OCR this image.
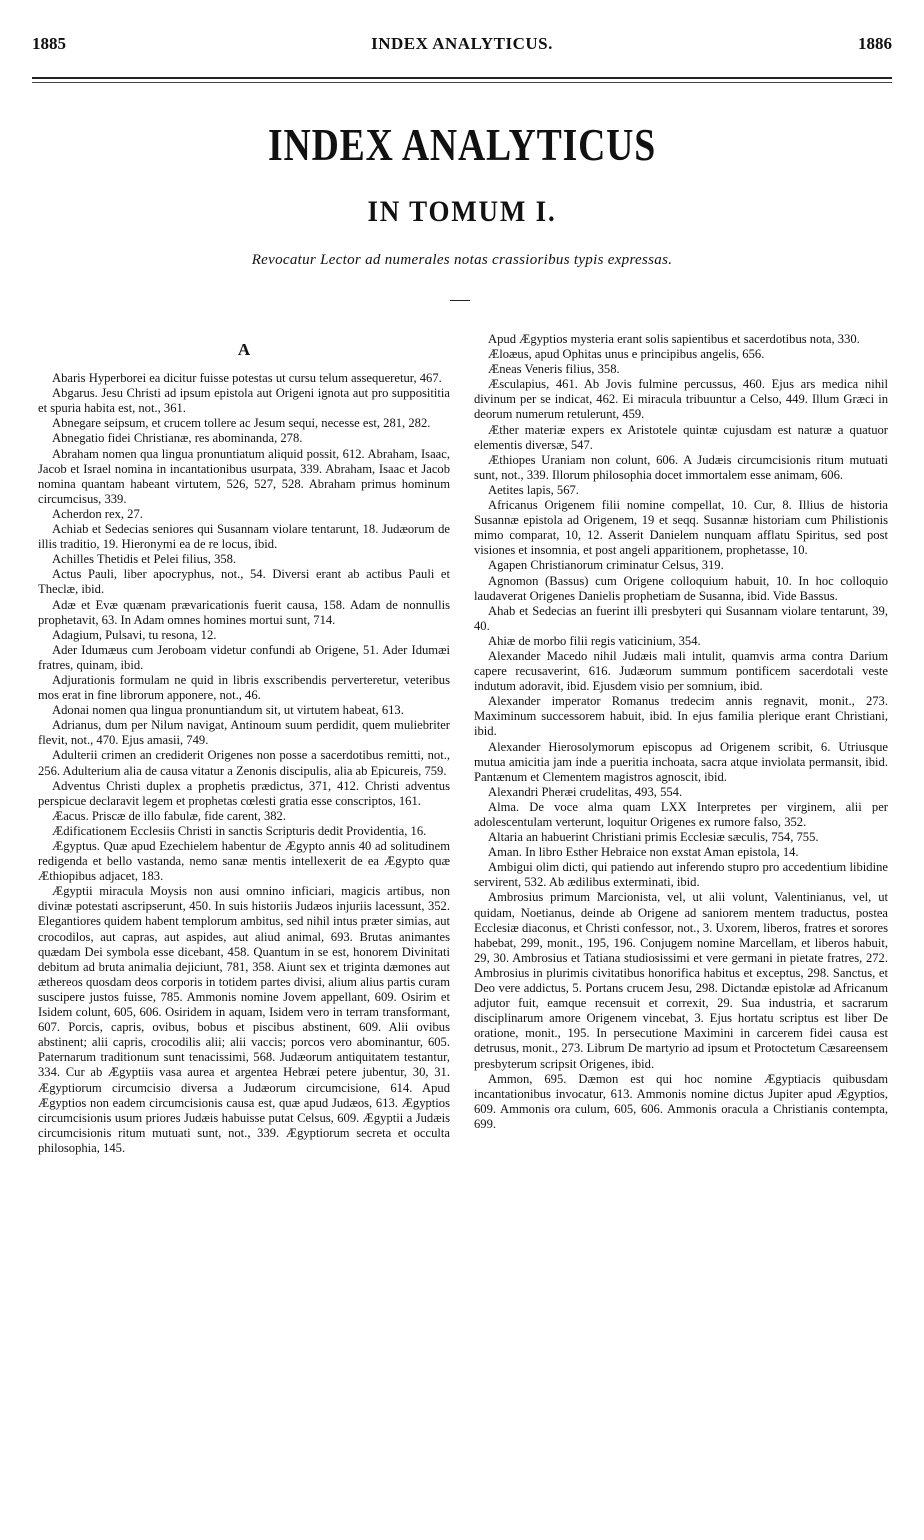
1885	INDEX ANALYTICUS.	1886
INDEX ANALYTICUS
IN TOMUM I.
Revocatur Lector ad numerales notas crassioribus typis expressas.
A

Abaris Hyperborei ea dicitur fuisse potestas ut cursu telum assequeretur, 467.

Abgarus. Jesu Christi ad ipsum epistola aut Origeni ignota aut pro supposititia et spuria habita est, not., 361.

Abnegare seipsum, et crucem tollere ac Jesum sequi, necesse est, 281, 282.

Abnegatio fidei Christianæ, res abominanda, 278.

Abraham nomen qua lingua pronuntiatum aliquid possit, 612. Abraham, Isaac, Jacob et Israel nomina in incantationibus usurpata, 339. Abraham, Isaac et Jacob nomina quantam habeant virtutem, 526, 527, 528. Abraham primus hominum circumcisus, 339.

Acherdon rex, 27.

Achiab et Sedecias seniores qui Susannam violare tentarunt, 18. Judæorum de illis traditio, 19. Hieronymi ea de re locus, ibid.

Achilles Thetidis et Pelei filius, 358.

Actus Pauli, liber apocryphus, not., 54. Diversi erant ab actibus Pauli et Theclæ, ibid.

Adæ et Evæ quænam prævaricationis fuerit causa, 158. Adam de nonnullis prophetavit, 63. In Adam omnes homines mortui sunt, 714.

Adagium, Pulsavi, tu resona, 12.

Ader Idumæus cum Jeroboam videtur confundi ab Origene, 51. Ader Idumæi fratres, quinam, ibid.

Adjurationis formulam ne quid in libris exscribendis perverteretur, veteribus mos erat in fine librorum apponere, not., 46.

Adonai nomen qua lingua pronuntiandum sit, ut virtutem habeat, 613.

Adrianus, dum per Nilum navigat, Antinoum suum perdidit, quem muliebriter flevit, not., 470. Ejus amasii, 749.

Adulterii crimen an crediderit Origenes non posse a sacerdotibus remitti, not., 256. Adulterium alia de causa vitatur a Zenonis discipulis, alia ab Epicureis, 759.

Adventus Christi duplex a prophetis prædictus, 371, 412. Christi adventus perspicue declaravit legem et prophetas cœlesti gratia esse conscriptos, 161.

Æacus. Priscæ de illo fabulæ, fide carent, 382.

Ædificationem Ecclesiis Christi in sanctis Scripturis dedit Providentia, 16.

Ægyptus. Quæ apud Ezechielem habentur de Ægypto annis 40 ad solitudinem redigenda et bello vastanda, nemo sanæ mentis intellexerit de ea Ægypto quæ Æthiopibus adjacet, 183.

Ægyptii miracula Moysis non ausi omnino inficiari, magicis artibus, non divinæ potestati ascripserunt, 450. In suis historiis Judæos injuriis lacessunt, 352. Elegantiores quidem habent templorum ambitus, sed nihil intus præter simias, aut crocodilos, aut capras, aut aspides, aut aliud animal, 693. Brutas animantes quædam Dei symbola esse dicebant, 458. Quantum in se est, honorem Divinitati debitum ad bruta animalia dejiciunt, 781, 358. Aiunt sex et triginta dæmones aut æthereos quosdam deos corporis in totidem partes divisi, alium alius partis curam suscipere justos fuisse, 785. Ammonis nomine Jovem appellant, 609. Osirim et Isidem colunt, 605, 606. Osiridem in aquam, Isidem vero in terram transformant, 607. Porcis, capris, ovibus, bobus et piscibus abstinent, 609. Alii ovibus abstinent; alii capris, crocodilis alii; alii vaccis; porcos vero abominantur, 605. Paternarum traditionum sunt tenacissimi, 568. Judæorum antiquitatem testantur, 334. Cur ab Ægyptiis vasa aurea et argentea Hebræi petere jubentur, 30, 31. Ægyptiorum circumcisio diversa a Judæorum circumcisione, 614. Apud Ægyptios non eadem circumcisionis causa est, quæ apud Judæos, 613. Ægyptios circumcisionis usum priores Judæis habuisse putat Celsus, 609. Ægyptii a Judæis circumcisionis ritum mutuati sunt, not., 339. Ægyptiorum secreta et occulta philosophia, 145.

Apud Ægyptios mysteria erant solis sapientibus et sacerdotibus nota, 330.

Æloæus, apud Ophitas unus e principibus angelis, 656.

Æneas Veneris filius, 358.

Æsculapius, 461. Ab Jovis fulmine percussus, 460. Ejus ars medica nihil divinum per se indicat, 462. Ei miracula tribuuntur a Celso, 449. Illum Græci in deorum numerum retulerunt, 459.

Æther materiæ expers ex Aristotele quintæ cujusdam est naturæ a quatuor elementis diversæ, 547.

Æthiopes Uraniam non colunt, 606. A Judæis circumcisionis ritum mutuati sunt, not., 339. Illorum philosophia docet immortalem esse animam, 606.

Aetites lapis, 567.

Africanus Origenem filii nomine compellat, 10. Cur, 8. Illius de historia Susannæ epistola ad Origenem, 19 et seqq. Susannæ historiam cum Philistionis mimo comparat, 10, 12. Asserit Danielem nunquam afflatu Spiritus, sed post visiones et insomnia, et post angeli apparitionem, prophetasse, 10.

Agapen Christianorum criminatur Celsus, 319.

Agnomon (Bassus) cum Origene colloquium habuit, 10. In hoc colloquio laudaverat Origenes Danielis prophetiam de Susanna, ibid. Vide Bassus.

Ahab et Sedecias an fuerint illi presbyteri qui Susannam violare tentarunt, 39, 40.

Ahiæ de morbo filii regis vaticinium, 354.

Alexander Macedo nihil Judæis mali intulit, quamvis arma contra Darium capere recusaverint, 616. Judæorum summum pontificem sacerdotali veste indutum adoravit, ibid. Ejusdem visio per somnium, ibid.

Alexander imperator Romanus tredecim annis regnavit, monit., 273. Maximinum successorem habuit, ibid. In ejus familia plerique erant Christiani, ibid.

Alexander Hierosolymorum episcopus ad Origenem scribit, 6. Utriusque mutua amicitia jam inde a pueritia inchoata, sacra atque inviolata permansit, ibid. Pantænum et Clementem magistros agnoscit, ibid.

Alexandri Pheræi crudelitas, 493, 554.

Alma. De voce alma quam LXX Interpretes per virginem, alii per adolescentulam verterunt, loquitur Origenes ex rumore falso, 352.

Altaria an habuerint Christiani primis Ecclesiæ sæculis, 754, 755.

Aman. In libro Esther Hebraice non exstat Aman epistola, 14.

Ambigui olim dicti, qui patiendo aut inferendo stupro pro accedentium libidine servirent, 532. Ab ædilibus exterminati, ibid.

Ambrosius primum Marcionista, vel, ut alii volunt, Valentinianus, vel, ut quidam, Noetianus, deinde ab Origene ad saniorem mentem traductus, postea Ecclesiæ diaconus, et Christi confessor, not., 3. Uxorem, liberos, fratres et sorores habebat, 299, monit., 195, 196. Conjugem nomine Marcellam, et liberos habuit, 29, 30. Ambrosius et Tatiana studiosissimi et vere germani in pietate fratres, 272. Ambrosius in plurimis civitatibus honorifica habitus et exceptus, 298. Sanctus, et Deo vere addictus, 5. Portans crucem Jesu, 298. Dictandæ epistolæ ad Africanum adjutor fuit, eamque recensuit et correxit, 29. Sua industria, et sacrarum disciplinarum amore Origenem vincebat, 3. Ejus hortatu scriptus est liber De oratione, monit., 195. In persecutione Maximini in carcerem fidei causa est detrusus, monit., 273. Librum De martyrio ad ipsum et Protoctetum Cæsareensem presbyterum scripsit Origenes, ibid.

Ammon, 695. Dæmon est qui hoc nomine Ægyptiacis quibusdam incantationibus invocatur, 613. Ammonis nomine dictus Jupiter apud Ægyptios, 609. Ammonis ora culum, 605, 606. Ammonis oracula a Christianis contempta, 699.
